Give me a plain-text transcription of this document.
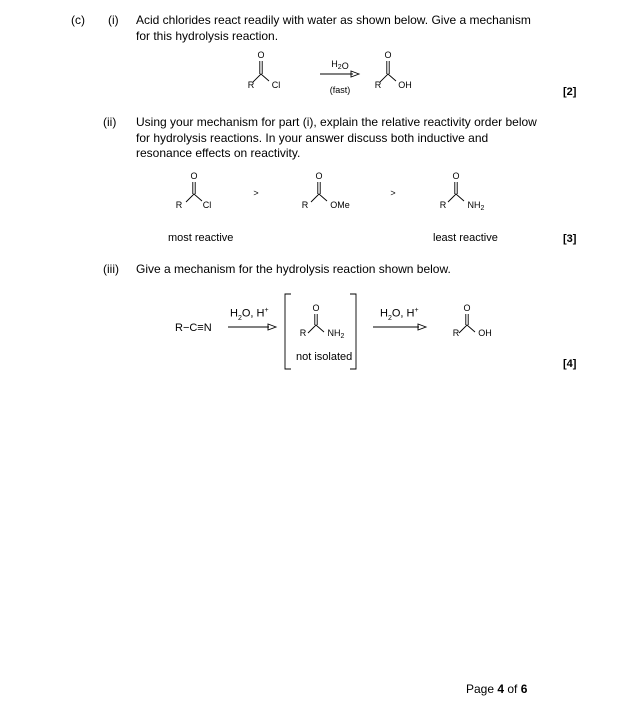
(c) (i) Acid chlorides react readily with water as shown below. Give a mechanism for this hydrolysis reaction.
O
R Cl
$H_2O$
(fast)
O
R OH
[2]
(ii) Using your mechanism for part (i), explain the relative reactivity order below for hydrolysis reactions. In your answer discuss both inductive and resonance effects on reactivity.
O
R Cl
>
O
R OMe
>
O
R $NH_2$
most reactive	least reactive	[3]
(iii) Give a mechanism for the hydrolysis reaction shown below.
R−C≡N
$H_2O$, H+	$H_2O$, H+
O
R $NH_2$
O
R OH
not isolated
[4]
Page 4 of 6
